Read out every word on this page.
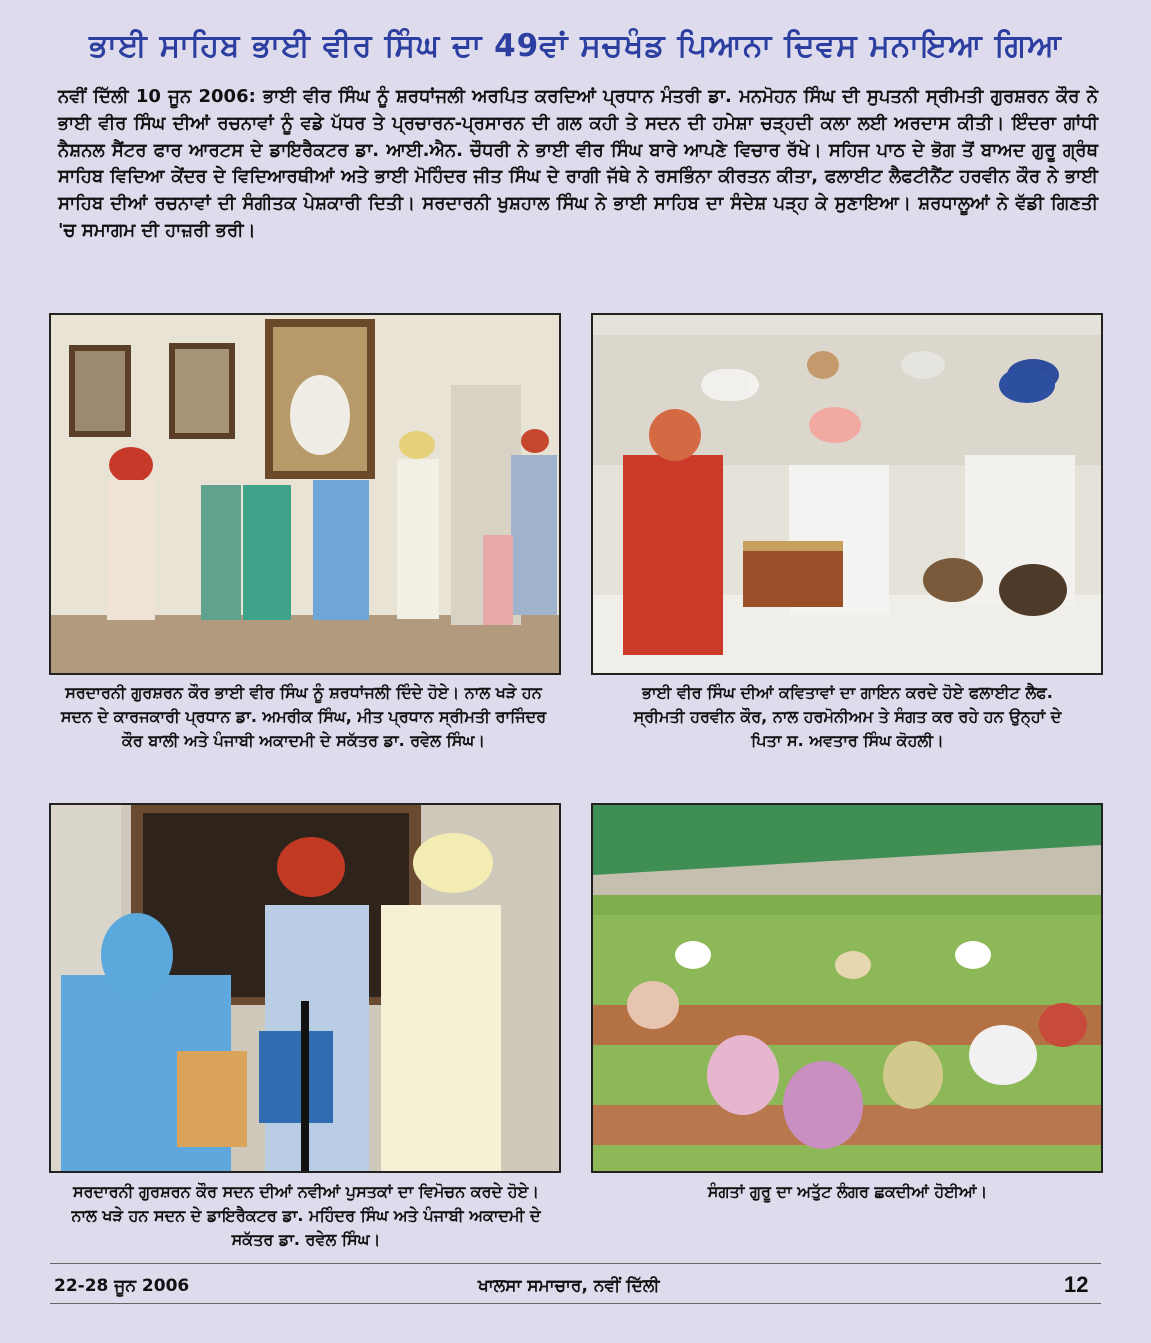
ਭਾਈ ਸਾਹਿਬ ਭਾਈ ਵੀਰ ਸਿੰਘ ਦਾ 49ਵਾਂ ਸਚਖੰਡ ਪਿਆਨਾ ਦਿਵਸ ਮਨਾਇਆ ਗਿਆ
ਨਵੀਂ ਦਿੱਲੀ 10 ਜੂਨ 2006: ਭਾਈ ਵੀਰ ਸਿੰਘ ਨੂੰ ਸ਼ਰਧਾਂਜਲੀ ਅਰਪਿਤ ਕਰਦਿਆਂ ਪ੍ਰਧਾਨ ਮੰਤਰੀ ਡਾ. ਮਨਮੋਹਨ ਸਿੰਘ ਦੀ ਸੁਪਤਨੀ ਸ੍ਰੀਮਤੀ ਗੁਰਸ਼ਰਨ ਕੌਰ ਨੇ ਭਾਈ ਵੀਰ ਸਿੰਘ ਦੀਆਂ ਰਚਨਾਵਾਂ ਨੂੰ ਵਡੇ ਪੱਧਰ ਤੇ ਪ੍ਰਚਾਰਨ-ਪ੍ਰਸਾਰਨ ਦੀ ਗਲ ਕਹੀ ਤੇ ਸਦਨ ਦੀ ਹਮੇਸ਼ਾ ਚੜ੍ਹਦੀ ਕਲਾ ਲਈ ਅਰਦਾਸ ਕੀਤੀ। ਇੰਦਰਾ ਗਾਂਧੀ ਨੈਸ਼ਨਲ ਸੈਂਟਰ ਫਾਰ ਆਰਟਸ ਦੇ ਡਾਇਰੈਕਟਰ ਡਾ. ਆਈ.ਐਨ. ਚੌਧਰੀ ਨੇ ਭਾਈ ਵੀਰ ਸਿੰਘ ਬਾਰੇ ਆਪਣੇ ਵਿਚਾਰ ਰੱਖੇ। ਸਹਿਜ ਪਾਠ ਦੇ ਭੋਗ ਤੋਂ ਬਾਅਦ ਗੁਰੂ ਗ੍ਰੰਥ ਸਾਹਿਬ ਵਿਦਿਆ ਕੇਂਦਰ ਦੇ ਵਿਦਿਆਰਥੀਆਂ ਅਤੇ ਭਾਈ ਮੋਹਿੰਦਰ ਜੀਤ ਸਿੰਘ ਦੇ ਰਾਗੀ ਜੱਥੇ ਨੇ ਰਸਭਿੰਨਾ ਕੀਰਤਨ ਕੀਤਾ, ਫਲਾਈਟ ਲੈਫਟੀਨੈਂਟ ਹਰਵੀਨ ਕੌਰ ਨੇ ਭਾਈ ਸਾਹਿਬ ਦੀਆਂ ਰਚਨਾਵਾਂ ਦੀ ਸੰਗੀਤਕ ਪੇਸ਼ਕਾਰੀ ਦਿਤੀ। ਸਰਦਾਰਨੀ ਖੁਸ਼ਹਾਲ ਸਿੰਘ ਨੇ ਭਾਈ ਸਾਹਿਬ ਦਾ ਸੰਦੇਸ਼ ਪੜ੍ਹ ਕੇ ਸੁਣਾਇਆ। ਸ਼ਰਧਾਲੂਆਂ ਨੇ ਵੱਡੀ ਗਿਣਤੀ 'ਚ ਸਮਾਗਮ ਦੀ ਹਾਜ਼ਰੀ ਭਰੀ।
ਸਰਦਾਰਨੀ ਗੁਰਸ਼ਰਨ ਕੌਰ ਭਾਈ ਵੀਰ ਸਿੰਘ ਨੂੰ ਸ਼ਰਧਾਂਜਲੀ ਦਿੰਦੇ ਹੋਏ। ਨਾਲ ਖੜੇ ਹਨ ਸਦਨ ਦੇ ਕਾਰਜਕਾਰੀ ਪ੍ਰਧਾਨ ਡਾ. ਅਮਰੀਕ ਸਿੰਘ, ਮੀਤ ਪ੍ਰਧਾਨ ਸ੍ਰੀਮਤੀ ਰਾਜਿੰਦਰ ਕੌਰ ਬਾਲੀ ਅਤੇ ਪੰਜਾਬੀ ਅਕਾਦਮੀ ਦੇ ਸਕੱਤਰ ਡਾ. ਰਵੇਲ ਸਿੰਘ।
ਭਾਈ ਵੀਰ ਸਿੰਘ ਦੀਆਂ ਕਵਿਤਾਵਾਂ ਦਾ ਗਾਇਨ ਕਰਦੇ ਹੋਏ ਫਲਾਈਟ ਲੈਫ. ਸ੍ਰੀਮਤੀ ਹਰਵੀਨ ਕੌਰ, ਨਾਲ ਹਰਮੋਨੀਅਮ ਤੇ ਸੰਗਤ ਕਰ ਰਹੇ ਹਨ ਉਨ੍ਹਾਂ ਦੇ ਪਿਤਾ ਸ. ਅਵਤਾਰ ਸਿੰਘ ਕੋਹਲੀ।
ਸਰਦਾਰਨੀ ਗੁਰਸ਼ਰਨ ਕੌਰ ਸਦਨ ਦੀਆਂ ਨਵੀਆਂ ਪੁਸਤਕਾਂ ਦਾ ਵਿਮੋਚਨ ਕਰਦੇ ਹੋਏ। ਨਾਲ ਖੜੇ ਹਨ ਸਦਨ ਦੇ ਡਾਇਰੈਕਟਰ ਡਾ. ਮਹਿੰਦਰ ਸਿੰਘ ਅਤੇ ਪੰਜਾਬੀ ਅਕਾਦਮੀ ਦੇ ਸਕੱਤਰ ਡਾ. ਰਵੇਲ ਸਿੰਘ।
ਸੰਗਤਾਂ ਗੁਰੂ ਦਾ ਅਤੁੱਟ ਲੰਗਰ ਛਕਦੀਆਂ ਹੋਈਆਂ।
22-28 ਜੂਨ 2006	ਖਾਲਸਾ ਸਮਾਚਾਰ, ਨਵੀਂ ਦਿੱਲੀ	12
